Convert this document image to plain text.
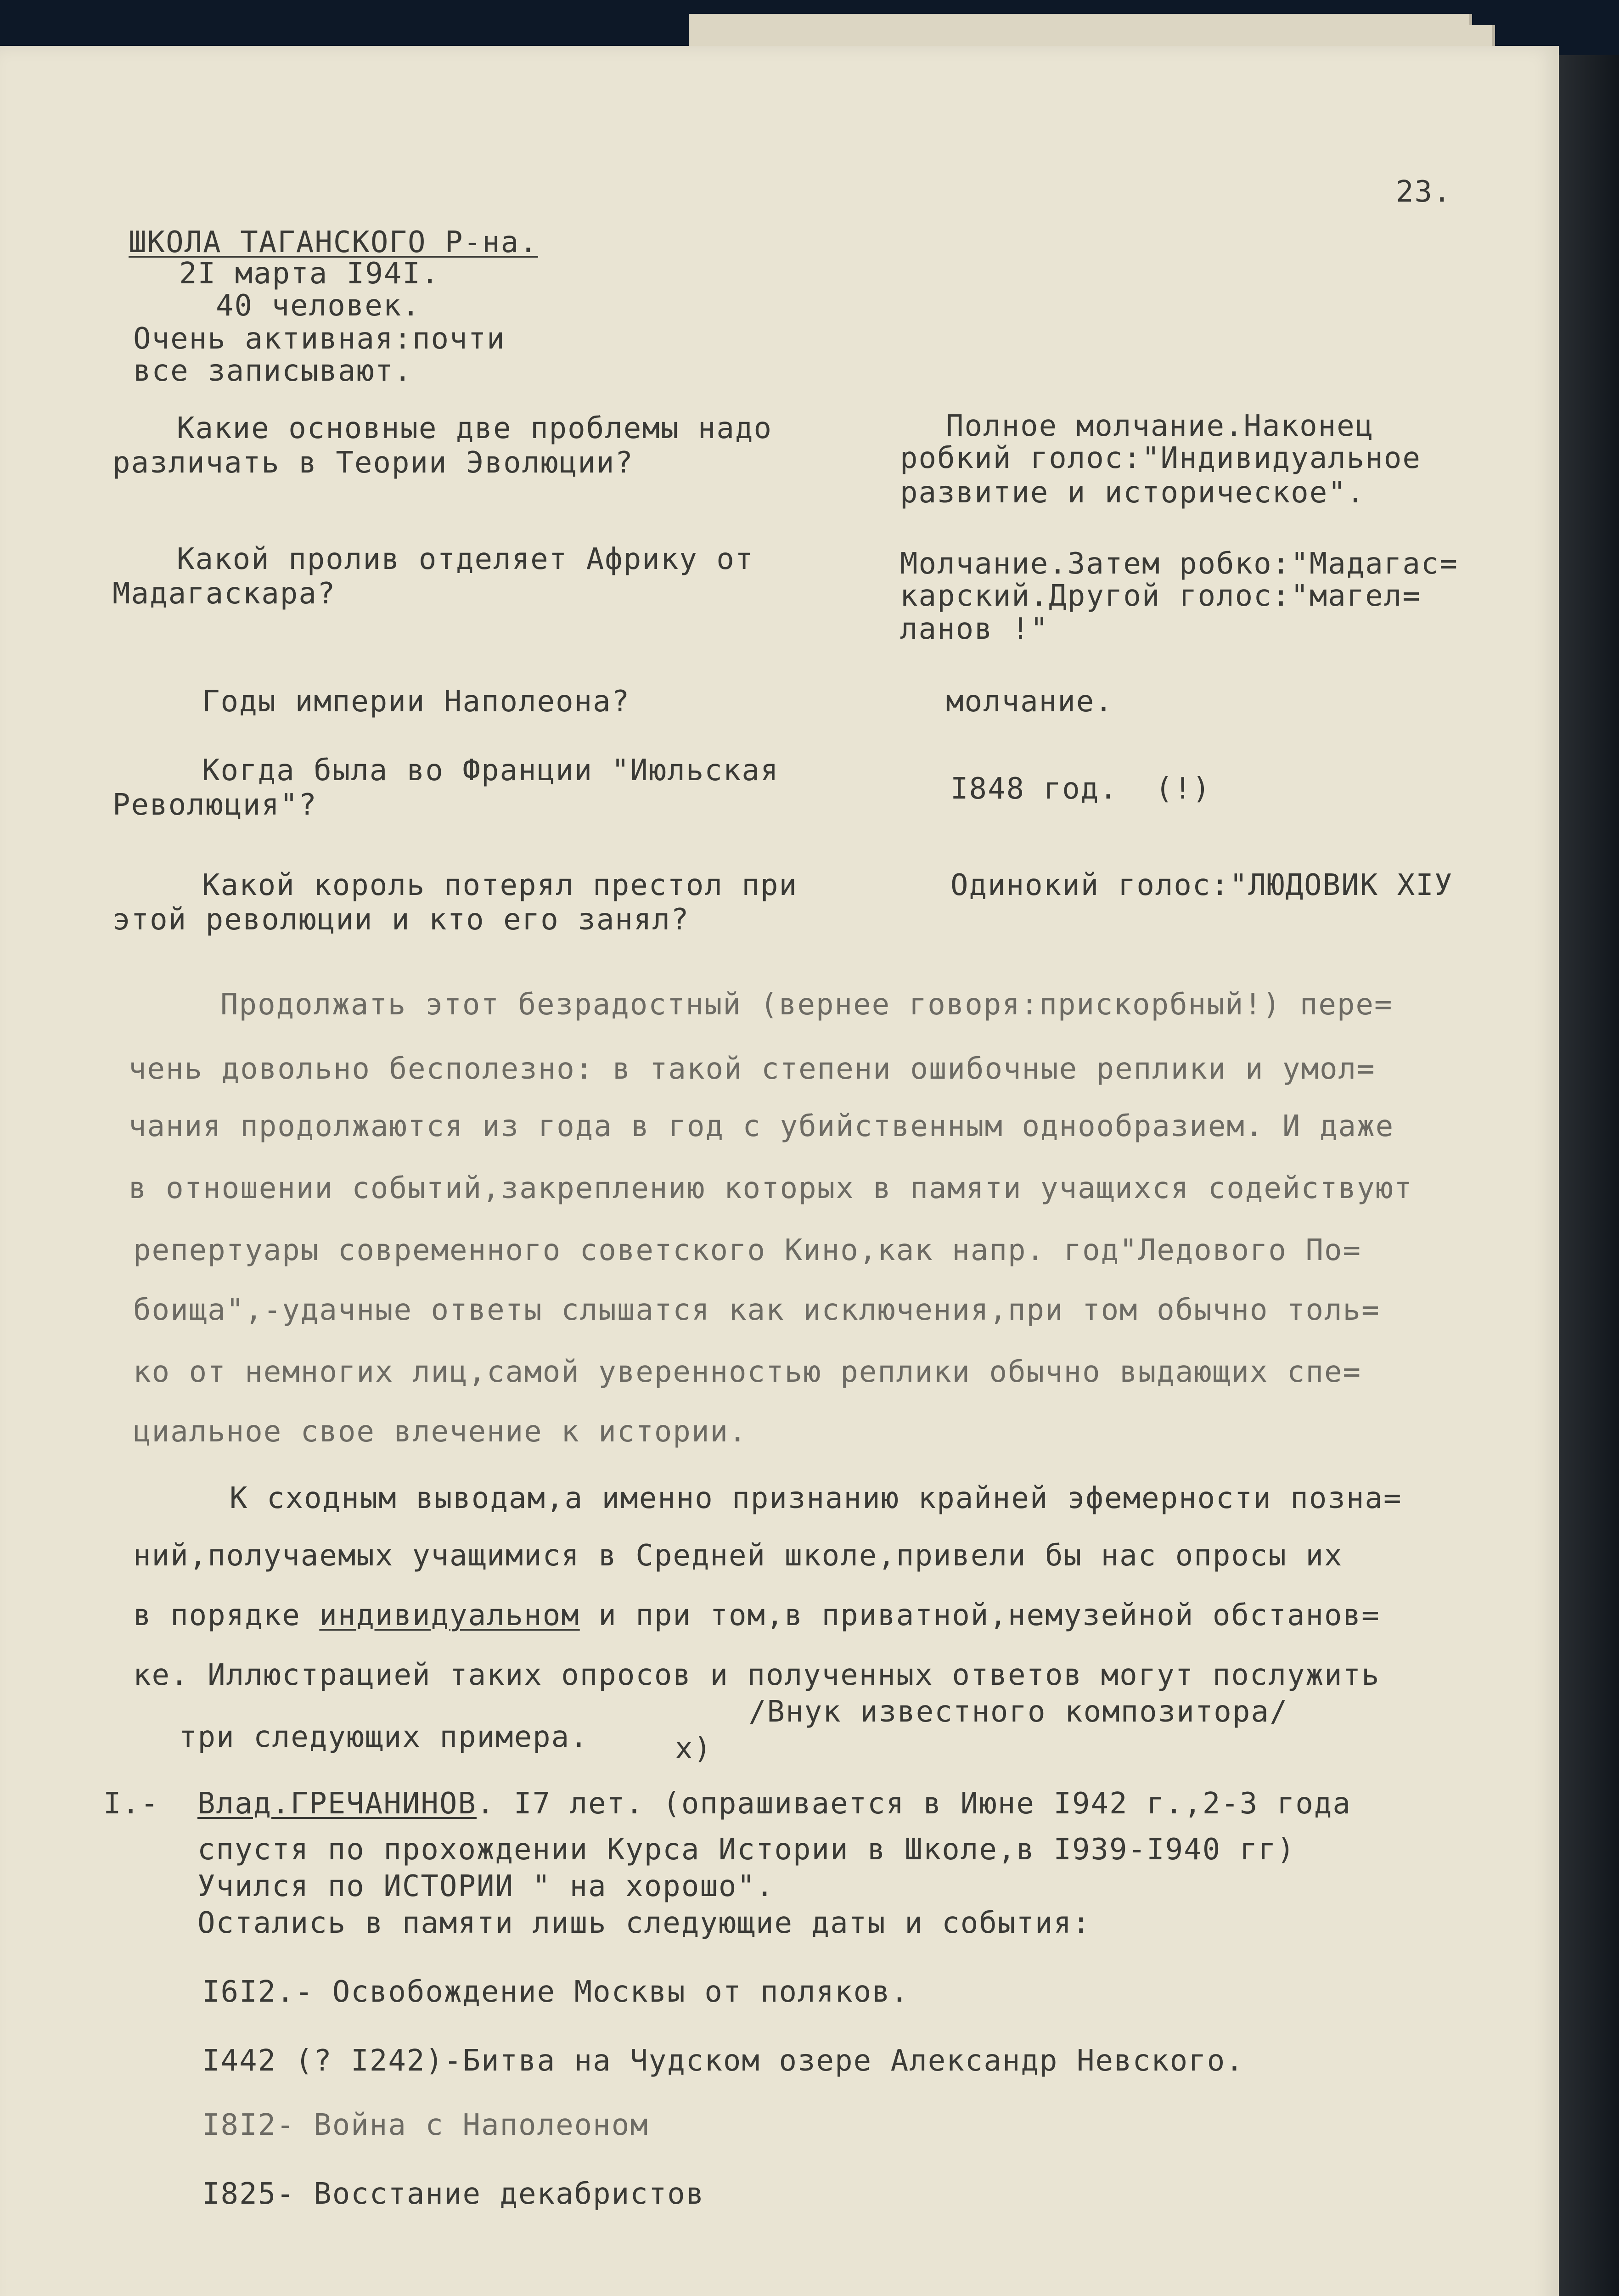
23.
ШКОЛА ТАГАНСКОГО Р-на.
2I марта I94I.
40 человек.
Очень активная:почти
все записывают.
Какие основные две проблемы надо
различать в Теории Эволюции?
Полное молчание.Наконец
робкий голос:"Индивидуальное
развитие и историческое".
Какой пролив отделяет Африку от
Мадагаскара?
Молчание.Затем робко:"Мадагас=
карский.Другой голос:"магел=
ланов !"
Годы империи Наполеона?	молчание.
Когда была во Франции "Июльская
Революция"?	I848 год.  (!)
Какой король потерял престол при
этой революции и кто его занял?
Одинокий голос:"ЛЮДОВИК XIУ
Продолжать этот безрадостный (вернее говоря:прискорбный!) пере=
чень довольно бесполезно: в такой степени ошибочные реплики и умол=
чания продолжаются из года в год с убийственным однообразием. И даже
в отношении событий,закреплению которых в памяти учащихся содействуют
репертуары современного советского Кино,как напр. год"Ледового По=
боища",-удачные ответы слышатся как исключения,при том обычно толь=
ко от немногих лиц,самой уверенностью реплики обычно выдающих спе=
циальное свое влечение к истории.
К сходным выводам,а именно признанию крайней эфемерности позна=
ний,получаемых учащимися в Средней школе,привели бы нас опросы их
в порядке индивидуальном и при том,в приватной,немузейной обстанов=
ке. Иллюстрацией таких опросов и полученных ответов могут послужить
три следующих примера.
/Внук известного композитора/
x)
I.- Влад.ГРЕЧАНИНОВ. I7 лет. (опрашивается в Июне I942 г.,2-3 года
спустя по прохождении Курса Истории в Школе,в I939-I940 гг)
Учился по ИСТОРИИ " на хорошо".
Остались в памяти лишь следующие даты и события:
I6I2.- Освобождение Москвы от поляков.
I442 (? I242)-Битва на Чудском озере Александр Невского.
I8I2- Война с Наполеоном
I825- Восстание декабристов
